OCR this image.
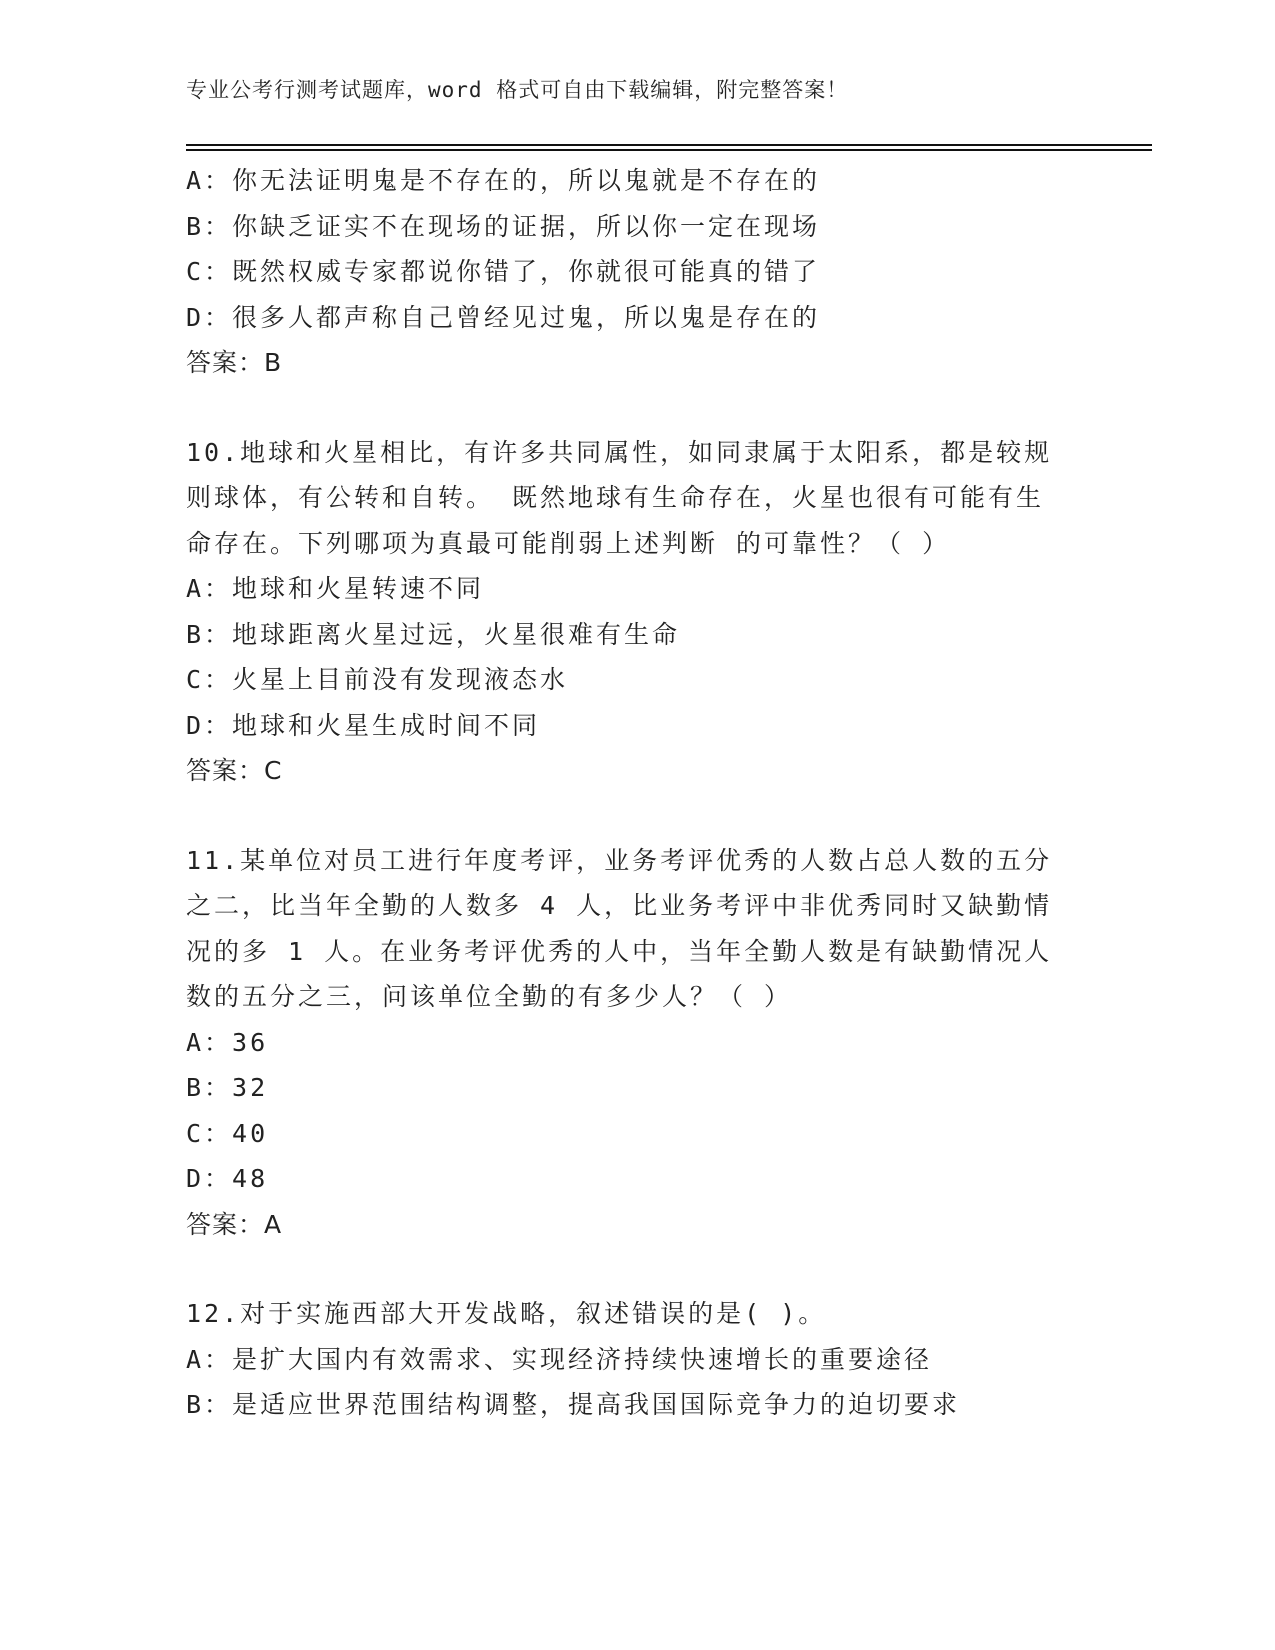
专业公考行测考试题库，word 格式可自由下载编辑，附完整答案！
A：你无法证明鬼是不存在的，所以鬼就是不存在的
B：你缺乏证实不在现场的证据，所以你一定在现场
C：既然权威专家都说你错了，你就很可能真的错了
D：很多人都声称自己曾经见过鬼，所以鬼是存在的
答案：B
10.地球和火星相比，有许多共同属性，如同隶属于太阳系，都是较规
则球体，有公转和自转。 既然地球有生命存在，火星也很有可能有生
命存在。下列哪项为真最可能削弱上述判断 的可靠性？（ ）
A：地球和火星转速不同
B：地球距离火星过远，火星很难有生命
C：火星上目前没有发现液态水
D：地球和火星生成时间不同
答案：C
11.某单位对员工进行年度考评，业务考评优秀的人数占总人数的五分
之二，比当年全勤的人数多 4 人，比业务考评中非优秀同时又缺勤情
况的多 1 人。在业务考评优秀的人中，当年全勤人数是有缺勤情况人
数的五分之三，问该单位全勤的有多少人？（ ）
A：36
B：32
C：40
D：48
答案：A
12.对于实施西部大开发战略，叙述错误的是( )。
A：是扩大国内有效需求、实现经济持续快速增长的重要途径
B：是适应世界范围结构调整，提高我国国际竞争力的迫切要求
